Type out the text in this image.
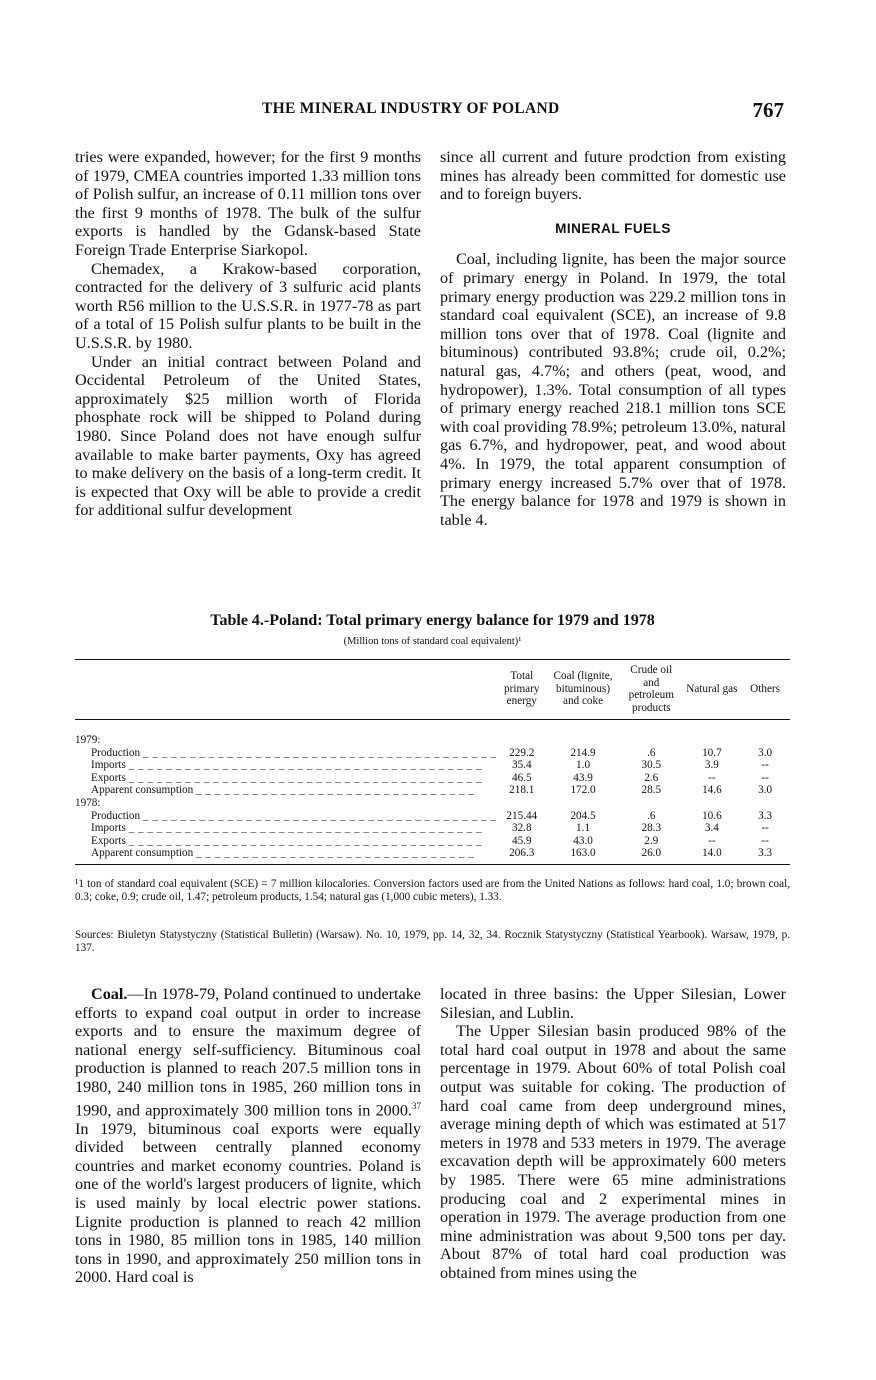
THE MINERAL INDUSTRY OF POLAND	767

tries were expanded, however; for the first 9 months of 1979, CMEA countries imported 1.33 million tons of Polish sulfur, an increase of 0.11 million tons over the first 9 months of 1978. The bulk of the sulfur exports is handled by the Gdansk-based State Foreign Trade Enterprise Siarkopol.

Chemadex, a Krakow-based corporation, contracted for the delivery of 3 sulfuric acid plants worth R56 million to the U.S.S.R. in 1977-78 as part of a total of 15 Polish sulfur plants to be built in the U.S.S.R. by 1980.

Under an initial contract between Poland and Occidental Petroleum of the United States, approximately $25 million worth of Florida phosphate rock will be shipped to Poland during 1980. Since Poland does not have enough sulfur available to make barter payments, Oxy has agreed to make delivery on the basis of a long-term credit. It is expected that Oxy will be able to provide a credit for additional sulfur development

since all current and future prodction from existing mines has already been committed for domestic use and to foreign buyers.

MINERAL FUELS

Coal, including lignite, has been the major source of primary energy in Poland. In 1979, the total primary energy production was 229.2 million tons in standard coal equivalent (SCE), an increase of 9.8 million tons over that of 1978. Coal (lignite and bituminous) contributed 93.8%; crude oil, 0.2%; natural gas, 4.7%; and others (peat, wood, and hydropower), 1.3%. Total consumption of all types of primary energy reached 218.1 million tons SCE with coal providing 78.9%; petroleum 13.0%, natural gas 6.7%, and hydropower, peat, and wood about 4%. In 1979, the total apparent consumption of primary energy increased 5.7% over that of 1978. The energy balance for 1978 and 1979 is shown in table 4.

Table 4.-Poland: Total primary energy balance for 1979 and 1978

(Million tons of standard coal equivalent)¹

	Total primary energy	Coal (lignite, bituminous) and coke	Crude oil and petroleum products	Natural gas	Others
1979:					
Production _ _ _ _ _ _ _ _ _ _ _ _ _ _ _ _ _ _ _ _ _ _ _ _ _ _ _ _ _ _ _ _ _ _ _ _ _ _	229.2	214.9	.6	10.7	3.0
Imports _ _ _ _ _ _ _ _ _ _ _ _ _ _ _ _ _ _ _ _ _ _ _ _ _ _ _ _ _ _ _ _ _ _ _ _ _ _	35.4	1.0	30.5	3.9	--
Exports _ _ _ _ _ _ _ _ _ _ _ _ _ _ _ _ _ _ _ _ _ _ _ _ _ _ _ _ _ _ _ _ _ _ _ _ _ _	46.5	43.9	2.6	--	--
Apparent consumption _ _ _ _ _ _ _ _ _ _ _ _ _ _ _ _ _ _ _ _ _ _ _ _ _ _ _ _ _ _	218.1	172.0	28.5	14.6	3.0
1978:					
Production _ _ _ _ _ _ _ _ _ _ _ _ _ _ _ _ _ _ _ _ _ _ _ _ _ _ _ _ _ _ _ _ _ _ _ _ _ _	215.44	204.5	.6	10.6	3.3
Imports _ _ _ _ _ _ _ _ _ _ _ _ _ _ _ _ _ _ _ _ _ _ _ _ _ _ _ _ _ _ _ _ _ _ _ _ _ _	32.8	1.1	28.3	3.4	--
Exports _ _ _ _ _ _ _ _ _ _ _ _ _ _ _ _ _ _ _ _ _ _ _ _ _ _ _ _ _ _ _ _ _ _ _ _ _ _	45.9	43.0	2.9	--	--
Apparent consumption _ _ _ _ _ _ _ _ _ _ _ _ _ _ _ _ _ _ _ _ _ _ _ _ _ _ _ _ _ _	206.3	163.0	26.0	14.0	3.3

¹1 ton of standard coal equivalent (SCE) = 7 million kilocalories. Conversion factors used are from the United Nations as follows: hard coal, 1.0; brown coal, 0.3; coke, 0.9; crude oil, 1.47; petroleum products, 1.54; natural gas (1,000 cubic meters), 1.33.

Sources: Biuletyn Statystyczny (Statistical Bulletin) (Warsaw). No. 10, 1979, pp. 14, 32, 34. Rocznik Statystyczny (Statistical Yearbook). Warsaw, 1979, p. 137.

Coal.—In 1978-79, Poland continued to undertake efforts to expand coal output in order to increase exports and to ensure the maximum degree of national energy self-sufficiency. Bituminous coal production is planned to reach 207.5 million tons in 1980, 240 million tons in 1985, 260 million tons in 1990, and approximately 300 million tons in 2000.37 In 1979, bituminous coal exports were equally divided between centrally planned economy countries and market economy countries. Poland is one of the world's largest producers of lignite, which is used mainly by local electric power stations. Lignite production is planned to reach 42 million tons in 1980, 85 million tons in 1985, 140 million tons in 1990, and approximately 250 million tons in 2000. Hard coal is

located in three basins: the Upper Silesian, Lower Silesian, and Lublin.

The Upper Silesian basin produced 98% of the total hard coal output in 1978 and about the same percentage in 1979. About 60% of total Polish coal output was suitable for coking. The production of hard coal came from deep underground mines, average mining depth of which was estimated at 517 meters in 1978 and 533 meters in 1979. The average excavation depth will be approximately 600 meters by 1985. There were 65 mine administrations producing coal and 2 experimental mines in operation in 1979. The average production from one mine administration was about 9,500 tons per day. About 87% of total hard coal production was obtained from mines using the
